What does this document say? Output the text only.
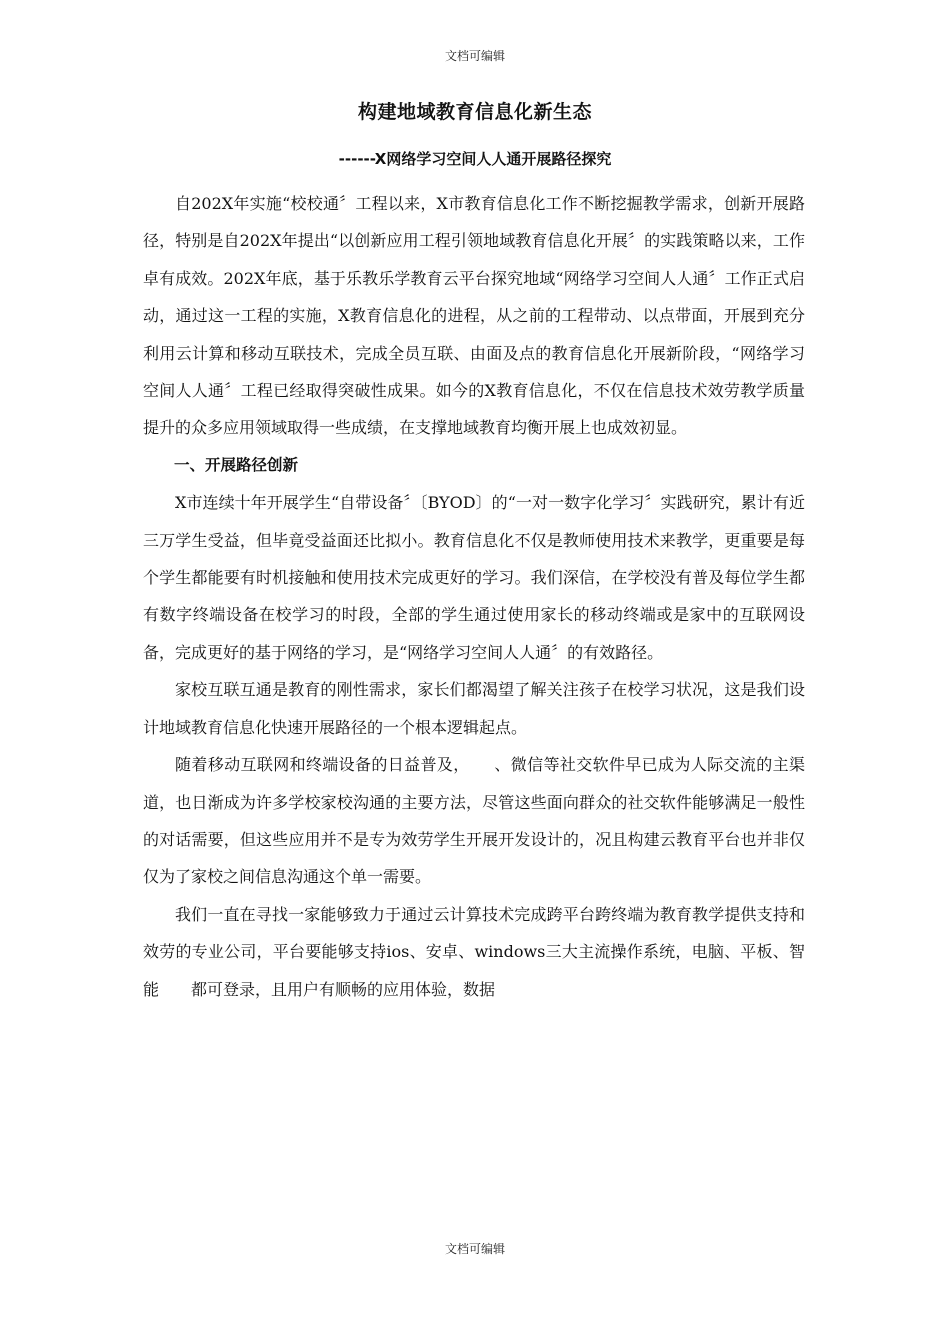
文档可编辑
构建地域教育信息化新生态
------X网络学习空间人人通开展路径探究

自202X年实施“校校通〞工程以来，X市教育信息化工作不断挖掘教学需求，创新开展路径，特别是自202X年提出“以创新应用工程引领地域教育信息化开展〞的实践策略以来，工作卓有成效。202X年底，基于乐教乐学教育云平台探究地域“网络学习空间人人通〞工作正式启动，通过这一工程的实施，X教育信息化的进程，从之前的工程带动、以点带面，开展到充分利用云计算和移动互联技术，完成全员互联、由面及点的教育信息化开展新阶段，“网络学习空间人人通〞工程已经取得突破性成果。如今的X教育信息化，不仅在信息技术效劳教学质量提升的众多应用领域取得一些成绩，在支撑地域教育均衡开展上也成效初显。

一、开展路径创新

X市连续十年开展学生“自带设备〞〔BYOD〕的“一对一数字化学习〞实践研究，累计有近三万学生受益，但毕竟受益面还比拟小。教育信息化不仅是教师使用技术来教学，更重要是每个学生都能要有时机接触和使用技术完成更好的学习。我们深信，在学校没有普及每位学生都有数字终端设备在校学习的时段，全部的学生通过使用家长的移动终端或是家中的互联网设备，完成更好的基于网络的学习，是“网络学习空间人人通〞的有效路径。

家校互联互通是教育的刚性需求，家长们都渴望了解关注孩子在校学习状况，这是我们设计地域教育信息化快速开展路径的一个根本逻辑起点。

随着移动互联网和终端设备的日益普及，　　、微信等社交软件早已成为人际交流的主渠道，也日渐成为许多学校家校沟通的主要方法，尽管这些面向群众的社交软件能够满足一般性的对话需要，但这些应用并不是专为效劳学生开展开发设计的，况且构建云教育平台也并非仅仅为了家校之间信息沟通这个单一需要。

我们一直在寻找一家能够致力于通过云计算技术完成跨平台跨终端为教育教学提供支持和效劳的专业公司，平台要能够支持ios、安卓、windows三大主流操作系统，电脑、平板、智能　　都可登录，且用户有顺畅的应用体验，数据

文档可编辑
